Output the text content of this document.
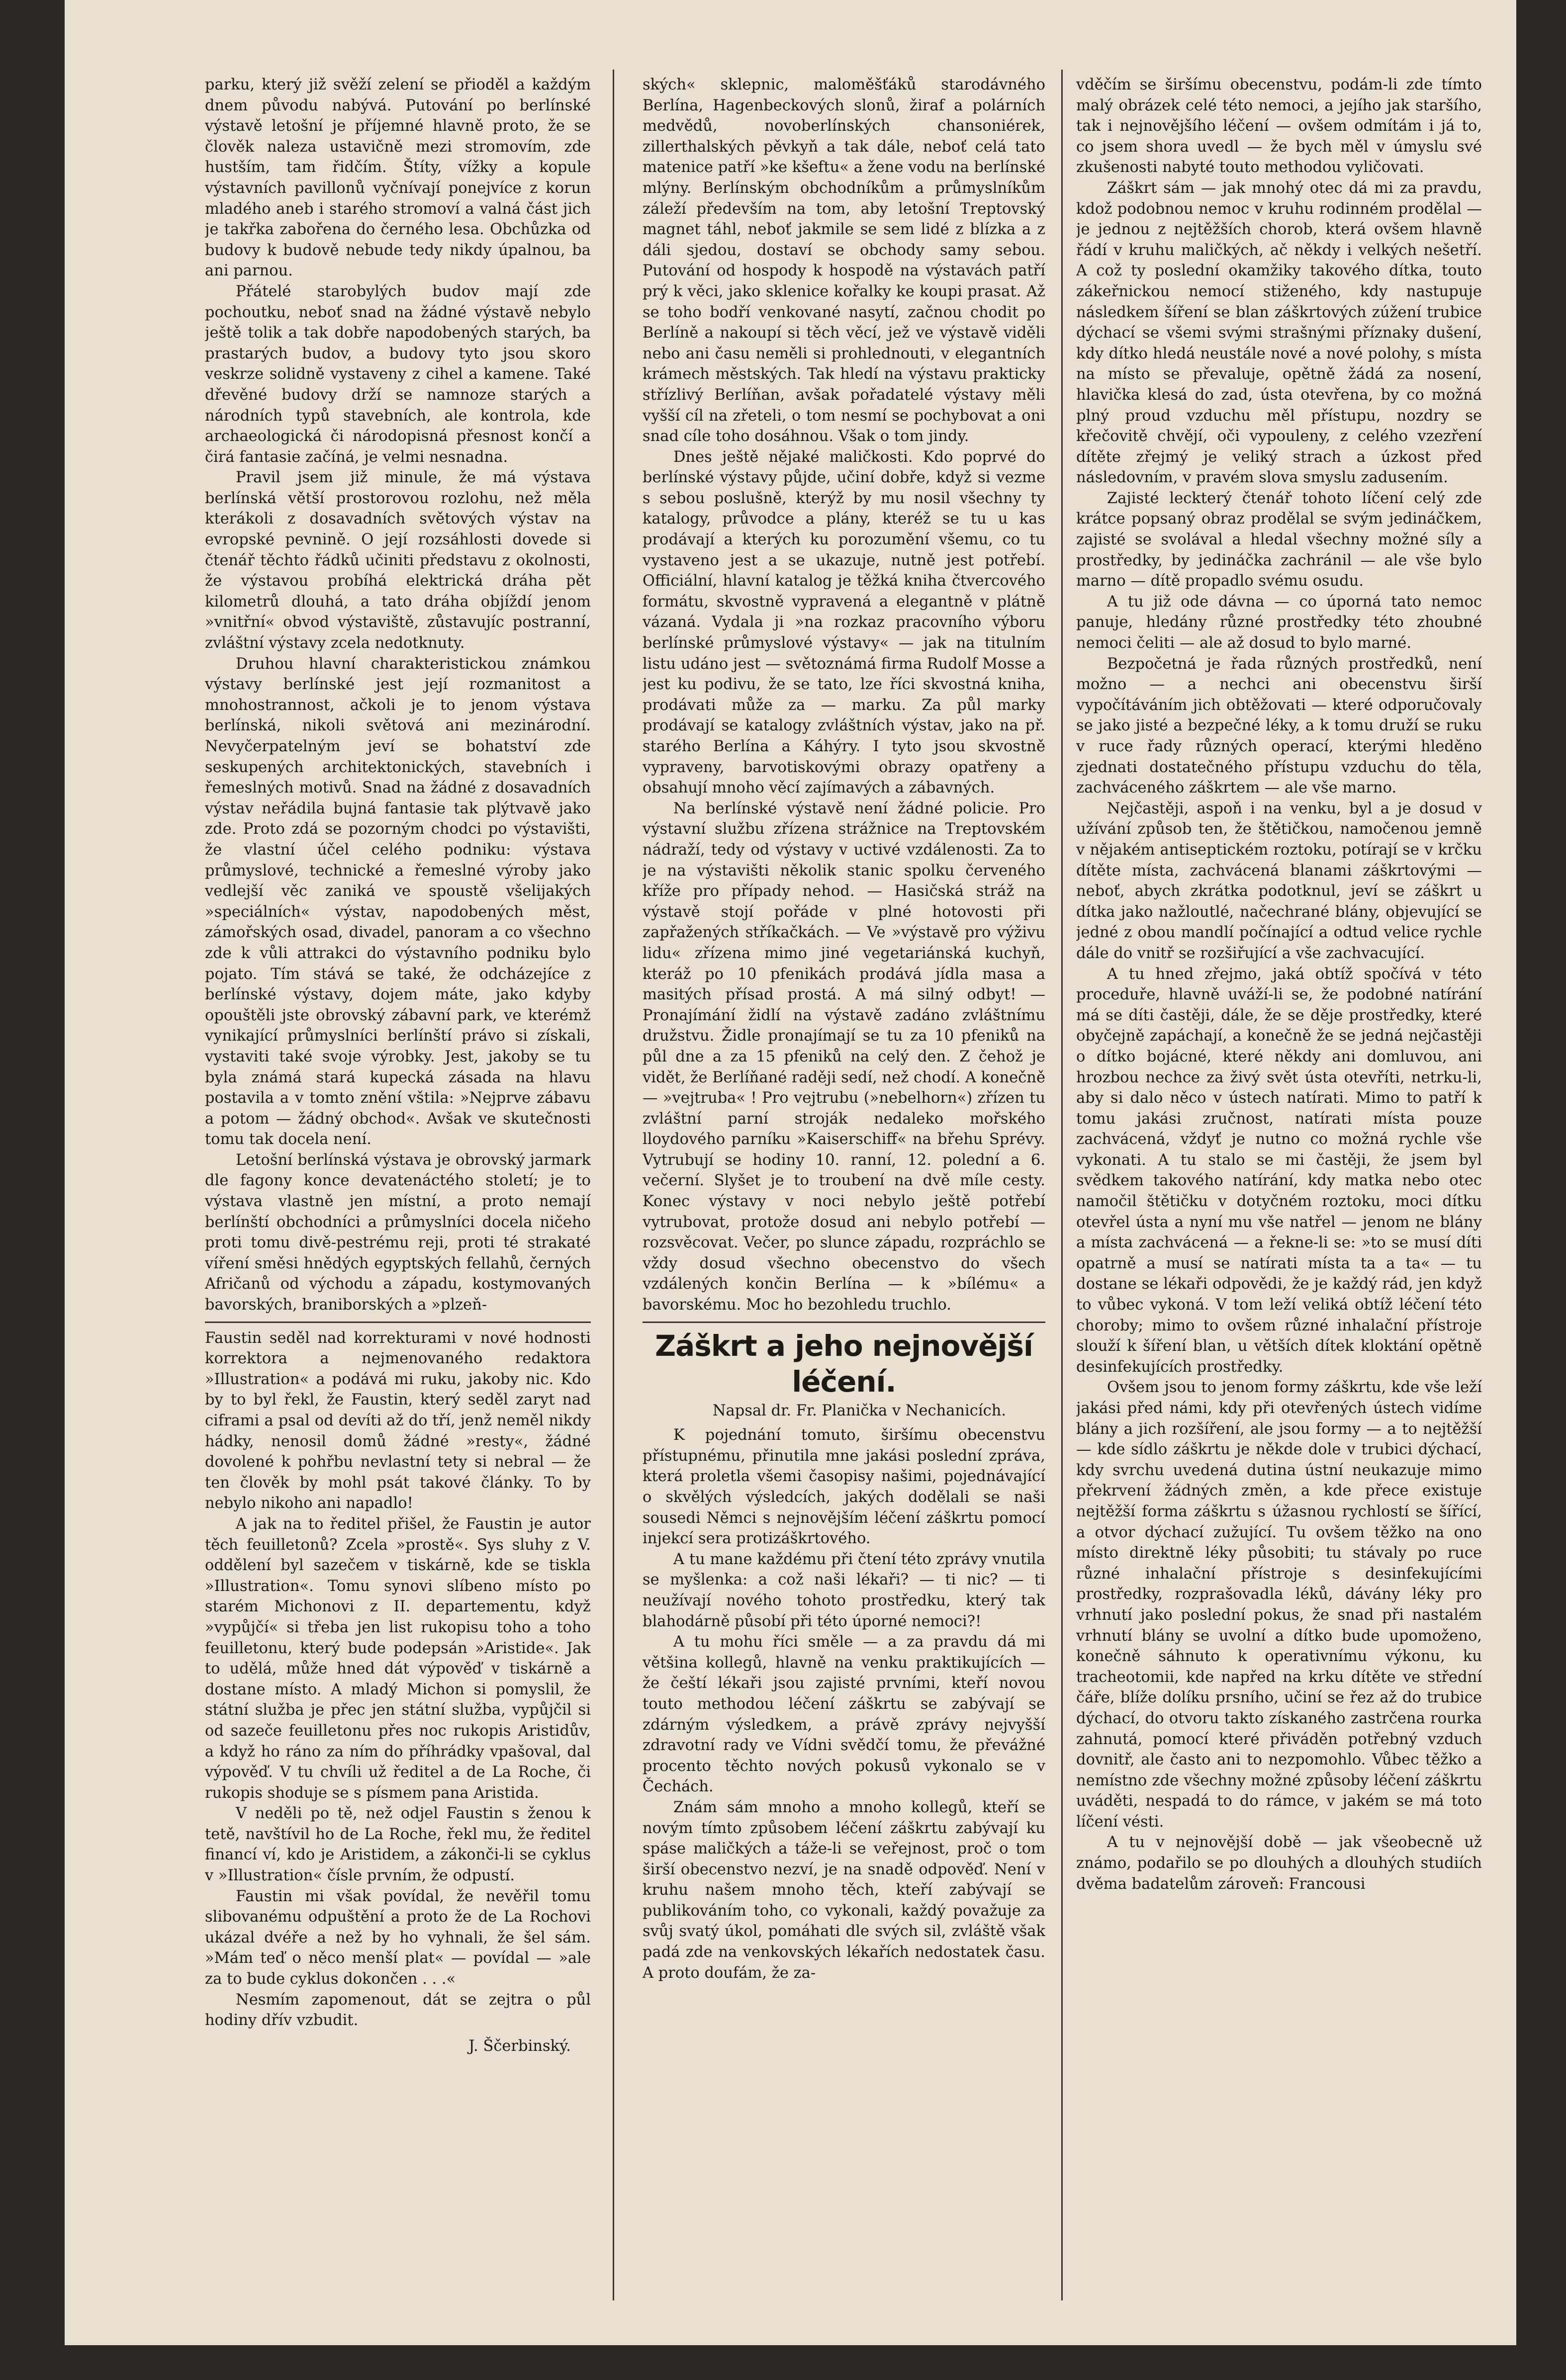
parku, který již svěží zelení se přioděl a každým dnem původu nabývá. Putování po berlínské výstavě letošní je příjemné hlavně proto, že se člověk naleza ustavičně mezi stromovím, zde hustším, tam řidčím. Štíty, vížky a kopule výstavních pavillonů vyčnívají ponejvíce z korun mladého aneb i starého stromoví a valná část jich je takřka zabořena do černého lesa. Obchůzka od budovy k budově nebude tedy nikdy úpalnou, ba ani parnou.

Přátelé starobylých budov mají zde pochoutku, neboť snad na žádné výstavě nebylo ještě tolik a tak dobře napodobených starých, ba prastarých budov, a budovy tyto jsou skoro veskrze solidně vystaveny z cihel a kamene. Také dřevěné budovy drží se namnoze starých a národních typů stavebních, ale kontrola, kde archaeologická či národopisná přesnost končí a čirá fantasie začíná, je velmi nesnadna.

Pravil jsem již minule, že má výstava berlínská větší prostorovou rozlohu, než měla kterákoli z dosavadních světových výstav na evropské pevnině. O její rozsáhlosti dovede si čtenář těchto řádků učiniti představu z okolnosti, že výstavou probíhá elektrická dráha pět kilometrů dlouhá, a tato dráha objíždí jenom »vnitřní« obvod výstaviště, zůstavujíc postranní, zvláštní výstavy zcela nedotknuty.

Druhou hlavní charakteristickou známkou výstavy berlínské jest její rozmanitost a mnohostrannost, ačkoli je to jenom výstava berlínská, nikoli světová ani mezinárodní. Nevyčerpatelným jeví se bohatství zde seskupených architektonických, stavebních i řemeslných motivů. Snad na žádné z dosavadních výstav neřádila bujná fantasie tak plýtvavě jako zde. Proto zdá se pozorným chodci po výstavišti, že vlastní účel celého podniku: výstava průmyslové, technické a řemeslné výroby jako vedlejší věc zaniká ve spoustě všelijakých »speciálních« výstav, napodobených měst, zámořských osad, divadel, panoram a co všechno zde k vůli attrakci do výstavního podniku bylo pojato. Tím stává se také, že odcházejíce z berlínské výstavy, dojem máte, jako kdyby opouštěli jste obrovský zábavní park, ve kterémž vynikající průmyslníci berlínští právo si získali, vystaviti také svoje výrobky. Jest, jakoby se tu byla známá stará kupecká zásada na hlavu postavila a v tomto znění vštila: »Nejprve zábavu a potom — žádný obchod«. Avšak ve skutečnosti tomu tak docela není.

Letošní berlínská výstava je obrovský jarmark dle fagony konce devatenáctého století; je to výstava vlastně jen místní, a proto nemají berlínští obchodníci a průmyslníci docela ničeho proti tomu divě-pestrému reji, proti té strakaté víření směsi hnědých egyptských fellahů, černých Afričanů od východu a západu, kostymovaných bavorských, braniborských a »plzeň-

Faustin seděl nad korrekturami v nové hodnosti korrektora a nejmenovaného redaktora »Illustration« a podává mi ruku, jakoby nic. Kdo by to byl řekl, že Faustin, který seděl zaryt nad ciframi a psal od devíti až do tří, jenž neměl nikdy hádky, nenosil domů žádné »resty«, žádné dovolené k pohřbu nevlastní tety si nebral — že ten člověk by mohl psát takové články. To by nebylo nikoho ani napadlo!

A jak na to ředitel přišel, že Faustin je autor těch feuilletonů? Zcela »prostě«. Sys sluhy z V. oddělení byl sazečem v tiskárně, kde se tiskla »Illustration«. Tomu synovi slíbeno místo po starém Michonovi z II. departementu, když »vypůjčí« si třeba jen list rukopisu toho a toho feuilletonu, který bude podepsán »Aristide«. Jak to udělá, může hned dát výpověď v tiskárně a dostane místo. A mladý Michon si pomyslil, že státní služba je přec jen státní služba, vypůjčil si od sazeče feuilletonu přes noc rukopis Aristidův, a když ho ráno za ním do příhrádky vpašoval, dal výpověď. V tu chvíli už ředitel a de La Roche, či rukopis shoduje se s písmem pana Aristida.

V neděli po tě, než odjel Faustin s ženou k tetě, navštívil ho de La Roche, řekl mu, že ředitel financí ví, kdo je Aristidem, a zákonči-li se cyklus v »Illustration« čísle prvním, že odpustí.

Faustin mi však povídal, že nevěřil tomu slibovanému odpuštění a proto že de La Rochovi ukázal dvéře a než by ho vyhnali, že šel sám. »Mám teď o něco menší plat« — povídal — »ale za to bude cyklus dokončen . . .«

Nesmím zapomenout, dát se zejtra o půl hodiny dřív vzbudit.

J. Ščerbinský.

ských« sklepnic, maloměšťáků starodávného Berlína, Hagenbeckových slonů, žiraf a polárních medvědů, novoberlínských chansoniérek, zillerthalských pěvkyň a tak dále, neboť celá tato matenice patří »ke kšeftu« a žene vodu na berlínské mlýny. Berlínským obchodníkům a průmyslníkům záleží především na tom, aby letošní Treptovský magnet táhl, neboť jakmile se sem lidé z blízka a z dáli sjedou, dostaví se obchody samy sebou. Putování od hospody k hospodě na výstavách patří prý k věci, jako sklenice kořalky ke koupi prasat. Až se toho bodří venkované nasytí, začnou chodit po Berlíně a nakoupí si těch věcí, jež ve výstavě viděli nebo ani času neměli si prohlednouti, v elegantních krámech městských. Tak hledí na výstavu prakticky střízlivý Berlíňan, avšak pořadatelé výstavy měli vyšší cíl na zřeteli, o tom nesmí se pochybovat a oni snad cíle toho dosáhnou. Však o tom jindy.

Dnes ještě nějaké maličkosti. Kdo poprvé do berlínské výstavy půjde, učiní dobře, když si vezme s sebou poslušně, kterýž by mu nosil všechny ty katalogy, průvodce a plány, kteréž se tu u kas prodávají a kterých ku porozumění všemu, co tu vystaveno jest a se ukazuje, nutně jest potřebí. Officiální, hlavní katalog je těžká kniha čtvercového formátu, skvostně vypravená a elegantně v plátně vázaná. Vydala ji »na rozkaz pracovního výboru berlínské průmyslové výstavy« — jak na titulním listu udáno jest — světoznámá firma Rudolf Mosse a jest ku podivu, že se tato, lze říci skvostná kniha, prodávati může za — marku. Za půl marky prodávají se katalogy zvláštních výstav, jako na př. starého Berlína a Káhýry. I tyto jsou skvostně vypraveny, barvotiskovými obrazy opatřeny a obsahují mnoho věcí zajímavých a zábavných.

Na berlínské výstavě není žádné policie. Pro výstavní službu zřízena strážnice na Treptovském nádraží, tedy od výstavy v uctivé vzdálenosti. Za to je na výstavišti několik stanic spolku červeného kříže pro případy nehod. — Hasičská stráž na výstavě stojí pořáde v plné hotovosti při zapřažených stříkačkách. — Ve »výstavě pro výživu lidu« zřízena mimo jiné vegetariánská kuchyň, kteráž po 10 pfenikách prodává jídla masa a masitých přísad prostá. A má silný odbyt! — Pronajímání židlí na výstavě zadáno zvláštnímu družstvu. Židle pronajímají se tu za 10 pfeniků na půl dne a za 15 pfeniků na celý den. Z čehož je vidět, že Berlíňané raději sedí, než chodí. A konečně — »vejtruba« ! Pro vejtrubu (»nebelhorn«) zřízen tu zvláštní parní stroják nedaleko mořského lloydového parníku »Kaiserschiff« na břehu Sprévy. Vytrubují se hodiny 10. ranní, 12. polední a 6. večerní. Slyšet je to troubení na dvě míle cesty. Konec výstavy v noci nebylo ještě potřebí vytrubovat, protože dosud ani nebylo potřebí — rozsvěcovat. Večer, po slunce západu, rozpráchlo se vždy dosud všechno obecenstvo do všech vzdálených končin Berlína — k »bílému« a bavorskému. Moc ho bezohledu truchlo.

Záškrt a jeho nejnovější léčení.

Napsal dr. Fr. Planička v Nechanicích.

K pojednání tomuto, širšímu obecenstvu přístupnému, přinutila mne jakási poslední zpráva, která proletla všemi časopisy našimi, pojednávající o skvělých výsledcích, jakých dodělali se naši sousedi Němci s nejnovějším léčení záškrtu pomocí injekcí sera protizáškrtového.

A tu mane každému při čtení této zprávy vnutila se myšlenka: a což naši lékaři? — ti nic? — ti neužívají nového tohoto prostředku, který tak blahodárně působí při této úporné nemoci?!

A tu mohu říci směle — a za pravdu dá mi většina kollegů, hlavně na venku praktikujících — že čeští lékaři jsou zajisté prvními, kteří novou touto methodou léčení záškrtu se zabývají se zdárným výsledkem, a právě zprávy nejvyšší zdravotní rady ve Vídni svědčí tomu, že převážné procento těchto nových pokusů vykonalo se v Čechách.

Znám sám mnoho a mnoho kollegů, kteří se novým tímto způsobem léčení záškrtu zabývají ku spáse maličkých a táže-li se veřejnost, proč o tom širší obecenstvo nezví, je na snadě odpověď. Není v kruhu našem mnoho těch, kteří zabývají se publikováním toho, co vykonali, každý považuje za svůj svatý úkol, pomáhati dle svých sil, zvláště však padá zde na venkovských lékařích nedostatek času. A proto doufám, že za-

vděčím se širšímu obecenstvu, podám-li zde tímto malý obrázek celé této nemoci, a jejího jak staršího, tak i nejnovějšího léčení — ovšem odmítám i já to, co jsem shora uvedl — že bych měl v úmyslu své zkušenosti nabyté touto methodou vyličovati.

Záškrt sám — jak mnohý otec dá mi za pravdu, kdož podobnou nemoc v kruhu rodinném prodělal — je jednou z nejtěžších chorob, která ovšem hlavně řádí v kruhu maličkých, ač někdy i velkých nešetří. A což ty poslední okamžiky takového dítka, touto zákeřnickou nemocí stiženého, kdy nastupuje následkem šíření se blan záškrtových zúžení trubice dýchací se všemi svými strašnými příznaky dušení, kdy dítko hledá neustále nové a nové polohy, s místa na místo se převaluje, opětně žádá za nosení, hlavička klesá do zad, ústa otevřena, by co možná plný proud vzduchu měl přístupu, nozdry se křečovitě chvějí, oči vypouleny, z celého vzezření dítěte zřejmý je veliký strach a úzkost před následovním, v pravém slova smyslu zadusením.

Zajisté leckterý čtenář tohoto líčení celý zde krátce popsaný obraz prodělal se svým jedináčkem, zajisté se svolával a hledal všechny možné síly a prostředky, by jedináčka zachránil — ale vše bylo marno — dítě propadlo svému osudu.

A tu již ode dávna — co úporná tato nemoc panuje, hledány různé prostředky této zhoubné nemoci čeliti — ale až dosud to bylo marné.

Bezpočetná je řada různých prostředků, není možno — a nechci ani obecenstvu širší vypočítáváním jich obtěžovati — které odporučovaly se jako jisté a bezpečné léky, a k tomu druží se ruku v ruce řady různých operací, kterými hleděno zjednati dostatečného přístupu vzduchu do těla, zachváceného záškrtem — ale vše marno.

Nejčastěji, aspoň i na venku, byl a je dosud v užívání způsob ten, že štětičkou, namočenou jemně v nějakém antiseptickém roztoku, potírají se v krčku dítěte místa, zachvácená blanami záškrtovými — neboť, abych zkrátka podotknul, jeví se záškrt u dítka jako nažloutlé, načechrané blány, objevující se jedné z obou mandlí počínající a odtud velice rychle dále do vnitř se rozšiřující a vše zachvacující.

A tu hned zřejmo, jaká obtíž spočívá v této proceduře, hlavně uváží-li se, že podobné natírání má se díti častěji, dále, že se děje prostředky, které obyčejně zapáchají, a konečně že se jedná nejčastěji o dítko bojácné, které někdy ani domluvou, ani hrozbou nechce za živý svět ústa otevříti, netrku-li, aby si dalo něco v ústech natírati. Mimo to patří k tomu jakási zručnost, natírati místa pouze zachvácená, vždyť je nutno co možná rychle vše vykonati. A tu stalo se mi častěji, že jsem byl svědkem takového natírání, kdy matka nebo otec namočil štětičku v dotyčném roztoku, moci dítku otevřel ústa a nyní mu vše natřel — jenom ne blány a místa zachvácená — a řekne-li se: »to se musí díti opatrně a musí se natírati místa ta a ta« — tu dostane se lékaři odpovědi, že je každý rád, jen když to vůbec vykoná. V tom leží veliká obtíž léčení této choroby; mimo to ovšem různé inhalační přístroje slouží k šíření blan, u větších dítek kloktání opětně desinfekujících prostředky.

Ovšem jsou to jenom formy záškrtu, kde vše leží jakási před námi, kdy při otevřených ústech vidíme blány a jich rozšíření, ale jsou formy — a to nejtěžší — kde sídlo záškrtu je někde dole v trubici dýchací, kdy svrchu uvedená dutina ústní neukazuje mimo překrvení žádných změn, a kde přece existuje nejtěžší forma záškrtu s úžasnou rychlostí se šířící, a otvor dýchací zužující. Tu ovšem těžko na ono místo direktně léky působiti; tu stávaly po ruce různé inhalační přístroje s desinfekujícími prostředky, rozprašovadla léků, dávány léky pro vrhnutí jako poslední pokus, že snad při nastalém vrhnutí blány se uvolní a dítko bude upomoženo, konečně sáhnuto k operativnímu výkonu, ku tracheotomii, kde napřed na krku dítěte ve střední čáře, blíže dolíku prsního, učiní se řez až do trubice dýchací, do otvoru takto získaného zastrčena rourka zahnutá, pomocí které přiváděn potřebný vzduch dovnitř, ale často ani to nezpomohlo. Vůbec těžko a nemístno zde všechny možné způsoby léčení záškrtu uváděti, nespadá to do rámce, v jakém se má toto líčení vésti.

A tu v nejnovější době — jak všeobecně už známo, podařilo se po dlouhých a dlouhých studiích dvěma badatelům zároveň: Francousi
